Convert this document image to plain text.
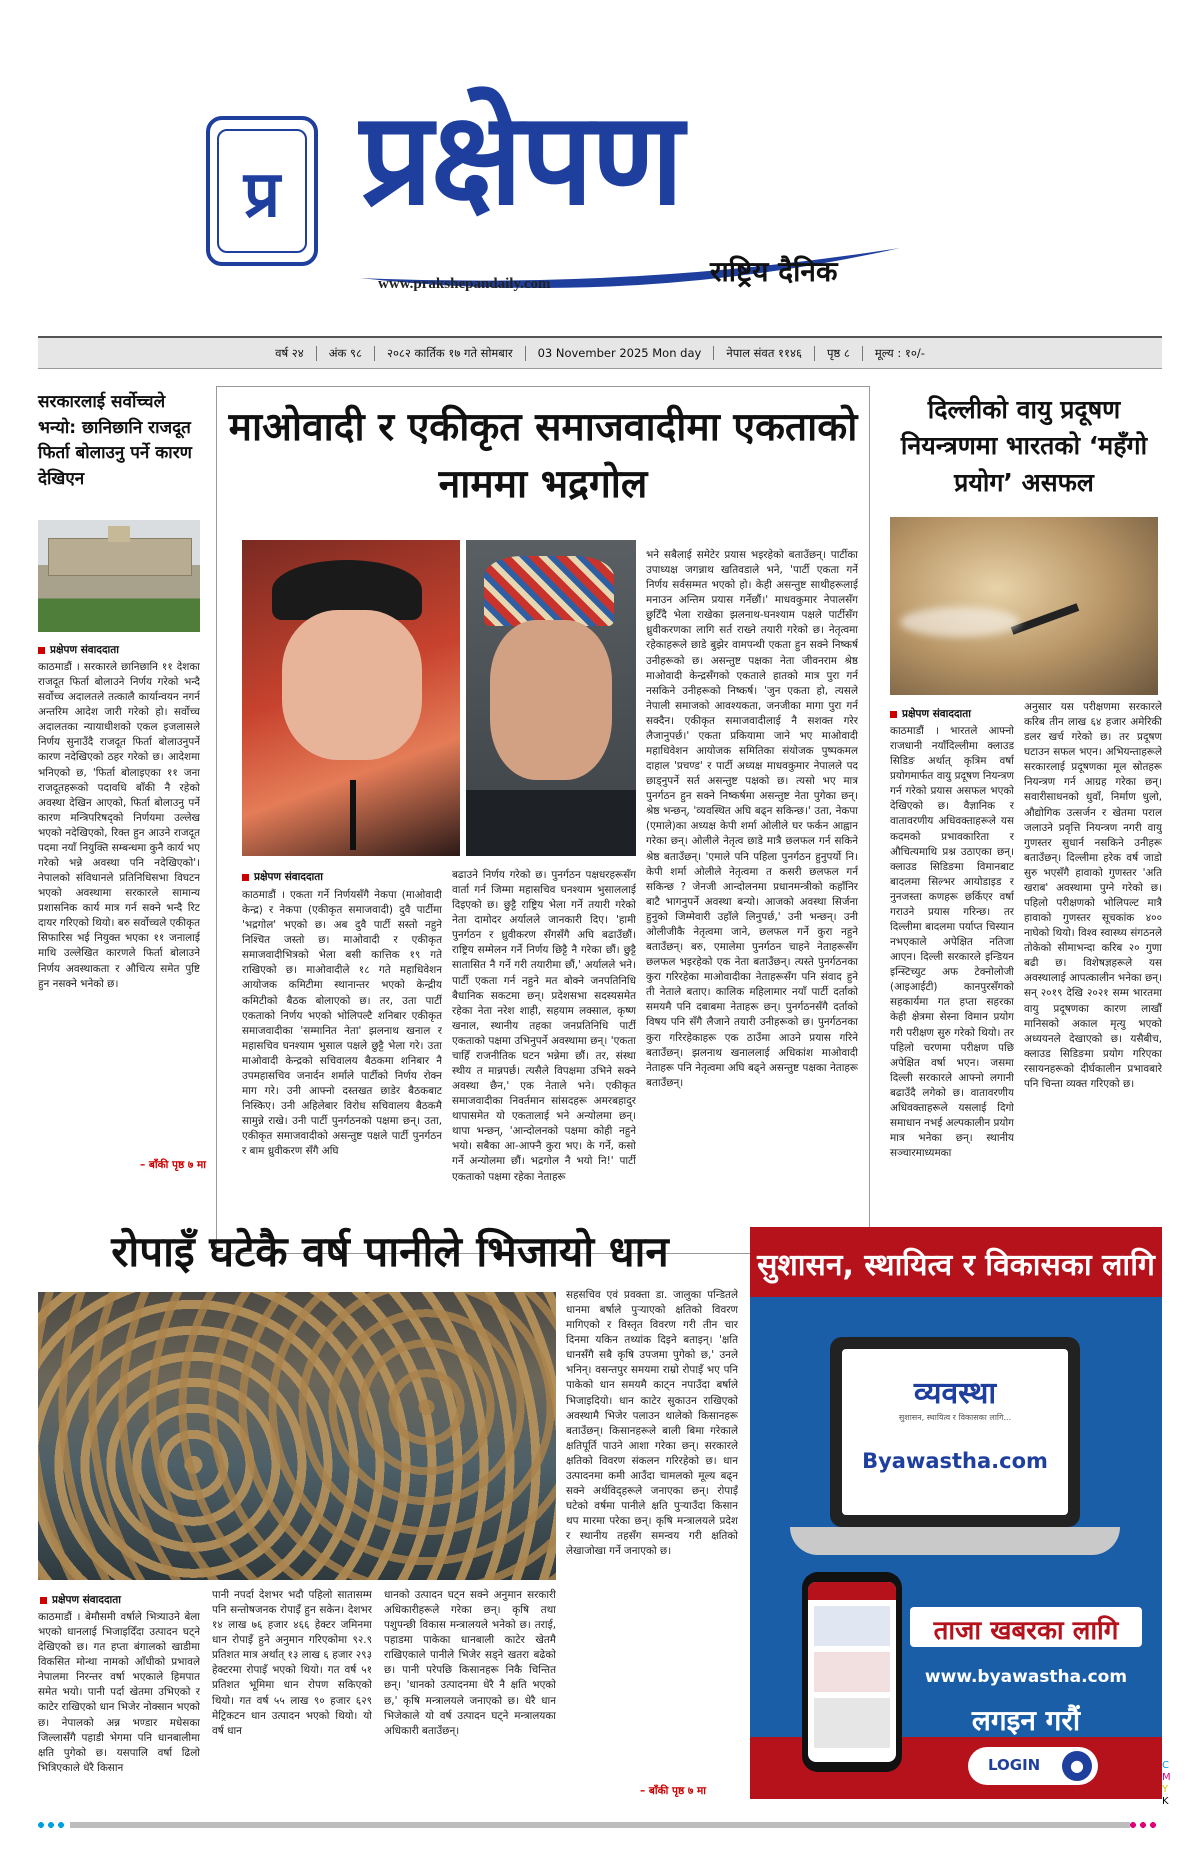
प्र प्रक्षेपण
राष्ट्रिय दैनिक
www.prakshepandaily.com
वर्ष २४	अंक ९८	२०८२ कार्तिक १७ गते सोमबार	03 November 2025 Mon day	नेपाल संवत ११४६	पृष्ठ ८	मूल्य : १०/-
सरकारलाई सर्वोच्चले भन्यो: छानिछानि राजदूत फिर्ता बोलाउनु पर्ने कारण देखिएन
प्रक्षेपण संवाददाता
काठमाडौं । सरकारले छानिछानि ११ देशका राजदूत फिर्ता बोलाउने निर्णय गरेको भन्दै सर्वोच्च अदालतले तत्कालै कार्यान्वयन नगर्न अन्तरिम आदेश जारी गरेको हो। सर्वोच्च अदालतका न्यायाधीशको एकल इजलासले निर्णय सुनाउँदै राजदूत फिर्ता बोलाउनुपर्ने कारण नदेखिएको ठहर गरेको छ। आदेशमा भनिएको छ, 'फिर्ता बोलाइएका ११ जना राजदूतहरूको पदावधि बाँकी नै रहेको अवस्था देखिन आएको, फिर्ता बोलाउनु पर्ने कारण मन्त्रिपरिषद्को निर्णयमा उल्लेख भएको नदेखिएको, रिक्त हुन आउने राजदूत पदमा नयाँ नियुक्ति सम्बन्धमा कुनै कार्य भए गरेको भन्ने अवस्था पनि नदेखिएको'। नेपालको संविधानले प्रतिनिधिसभा विघटन भएको अवस्थामा सरकारले सामान्य प्रशासनिक कार्य मात्र गर्न सक्ने भन्दै रिट दायर गरिएको थियो। बरु सर्वोच्चले एकीकृत सिफारिस भई नियुक्त भएका ११ जनालाई माथि उल्लेखित कारणले फिर्ता बोलाउने निर्णय अवस्थाकता र औचित्य समेत पुष्टि हुन नसक्ने भनेको छ।
– बाँकी पृष्ठ ७ मा
माओवादी र एकीकृत समाजवादीमा एकताको नाममा भद्रगोल
प्रक्षेपण संवाददाता
काठमाडौं । एकता गर्ने निर्णयसँगै नेकपा (माओवादी केन्द्र) र नेकपा (एकीकृत समाजवादी) दुवै पार्टीमा 'भद्रगोल' भएको छ। अब दुवै पार्टी सस्तो नहुने निश्चित जस्तो छ। माओवादी र एकीकृत समाजवादीभित्रको भेला बसी कात्तिक १९ गते राखिएको छ। माओवादीले १८ गते महाधिवेशन आयोजक कमिटीमा स्थानान्तर भएको केन्द्रीय कमिटीको बैठक बोलाएको छ। तर, उता पार्टी एकताको निर्णय भएको भोलिपल्टै शनिबार एकीकृत समाजवादीका 'सम्मानित नेता' झलनाथ खनाल र महासचिव घनश्याम भुसाल पक्षले छुट्टै भेला गरे। उता माओवादी केन्द्रको सचिवालय बैठकमा शनिबार नै उपमहासचिव जनार्दन शर्माले पार्टीको निर्णय रोक्न माग गरे। उनी आफ्नो दस्तखत छाडेर बैठकबाट निस्किए। उनी अहिलेबार विरोध सचिवालय बैठकमै सामुन्ने राखे। उनी पार्टी पुनर्गठनको पक्षमा छन्। उता, एकीकृत समाजवादीको असन्तुष्ट पक्षले पार्टी पुनर्गठन र बाम ध्रुवीकरण सँगै अघि
बढाउने निर्णय गरेको छ। पुनर्गठन पक्षधरहरूसँग वार्ता गर्न जिम्मा महासचिव घनश्याम भुसाललाई दिइएको छ। छुट्टै राष्ट्रिय भेला गर्ने तयारी गरेको नेता दामोदर अर्यालले जानकारी दिए। 'हामी पुनर्गठन र ध्रुवीकरण सँगसँगै अघि बढाउँछौं। राष्ट्रिय सम्मेलन गर्ने निर्णय छिट्टै नै गरेका छौं। छुट्टै सातासित नै गर्ने गरी तयारीमा छौं,' अर्यालले भने। पार्टी एकता गर्न नहुने मत बोक्ने जनपतिनिधि बैधानिक सकटमा छन्। प्रदेशसभा सदस्यसमेत रहेका नेता नरेश शाही, सहयाम लक्साल, कृष्ण खनाल, स्थानीय तहका जनप्रतिनिधि पार्टी एकताको पक्षमा उभिनुपर्ने अवस्थामा छन्। 'एकता चाहिँ राजनीतिक घटन भन्नेमा छौं। तर, संस्था स्थीय त मान्नपर्छ। त्यसैले विपक्षमा उभिने सक्ने अवस्था छैन,' एक नेताले भने। एकीकृत समाजवादीका निवर्तमान सांसदहरू अमरबहादुर थापासमेत यो एकतालाई भने अन्योलमा छन्। थापा भन्छन्, 'आन्दोलनको पक्षमा कोही नहुने भयो। सबैका आ-आफ्नै कुरा भए। के गर्ने, कसो गर्ने अन्योलमा छौं। भद्रगोल नै भयो नि!' पार्टी एकताको पक्षमा रहेका नेताहरू
भने सबैलाई समेटेर प्रयास भइरहेको बताउँछन्। पार्टीका उपाध्यक्ष जगन्नाथ खतिवडाले भने, 'पार्टी एकता गर्ने निर्णय सर्वसम्मत भएको हो। केही असन्तुष्ट साथीहरूलाई मनाउन अन्तिम प्रयास गर्नेछौं।' माधवकुमार नेपालसँग छुटिँदै भेला राखेका झलनाथ-घनश्याम पक्षले पार्टीसँग ध्रुवीकरणका लागि सर्त राख्ने तयारी गरेको छ। नेतृत्वमा रहेकाहरूले छाडे बुझेर वामपन्थी एकता हुन सक्ने निष्कर्ष उनीहरूको छ। असन्तुष्ट पक्षका नेता जीवनराम श्रेष्ठ माओवादी केन्द्रसँगको एकताले हातको मात्र पुरा गर्न नसकिने उनीहरूको निष्कर्ष। 'जुन एकता हो, त्यसले नेपाली समाजको आवश्यकता, जनजीका मागा पुरा गर्न सक्दैन। एकीकृत समाजवादीलाई नै सशक्त गरेर लैजानुपर्छ।' एकता प्रकियामा जाने भए माओवादी महाधिवेशन आयोजक समितिका संयोजक पुष्पकमल दाहाल 'प्रचण्ड' र पार्टी अध्यक्ष माधवकुमार नेपालले पद छाड्नुपर्ने सर्त असन्तुष्ट पक्षको छ। त्यसो भए मात्र पुनर्गठन हुन सक्ने निष्कर्षमा असन्तुष्ट नेता पुगेका छन्। श्रेष्ठ भन्छन्, 'व्यवस्थित अघि बढ्न सकिन्छ।' उता, नेकपा (एमाले)का अध्यक्ष केपी शर्मा ओलीले घर फर्कन आह्वान गरेका छन्। ओलीले नेतृत्व छाडे मात्रै छलफल गर्न सकिने श्रेष्ठ बताउँछन्। 'एमाले पनि पहिला पुनर्गठन हुनुपर्यो नि। केपी शर्मा ओलीले नेतृत्वमा त कसरी छलफल गर्न सकिन्छ ? जेनजी आन्दोलनमा प्रधानमन्त्रीको कहाँनिर बाटै भागनुपर्ने अवस्था बन्यो। आजको अवस्था सिर्जना हुनुको जिम्मेवारी उहाँले लिनुपर्छ,' उनी भन्छन्। उनी ओलीजीकै नेतृत्वमा जाने, छलफल गर्ने कुरा नहुने बताउँछन्। बरु, एमालेमा पुनर्गठन चाहने नेताहरूसँग छलफल भइरहेको एक नेता बताउँछन्। त्यस्ते पुनर्गठनका कुरा गरिरहेका माओवादीका नेताहरूसँग पनि संवाद हुने ती नेताले बताए। कालिक महिलामार नयाँ पार्टी दर्ताको समयमै पनि दबाबमा नेताहरू छन्। पुनर्गठनसँगै दर्ताको विषय पनि सँगै लैजाने तयारी उनीहरूको छ। पुनर्गठनका कुरा गरिरहेकाहरू एक ठाउँमा आउने प्रयास गरिने बताउँछन्। झलनाथ खनाललाई अधिकांश माओवादी नेताहरू पनि नेतृत्वमा अघि बढ्ने असन्तुष्ट पक्षका नेताहरू बताउँछन्।
दिल्लीको वायु प्रदूषण नियन्त्रणमा भारतको ‘महँगो प्रयोग’ असफल
प्रक्षेपण संवाददाता
काठमाडौं । भारतले आफ्नो राजधानी नयाँदिल्लीमा क्लाउड सिडिङ अर्थात् कृत्रिम वर्षा प्रयोगमार्फत वायु प्रदूषण नियन्त्रण गर्न गरेको प्रयास असफल भएको देखिएको छ। वैज्ञानिक र वातावरणीय अधिवक्ताहरूले यस कदमको प्रभावकारिता र औचित्यमाथि प्रश्न उठाएका छन्। क्लाउड सिडिङमा विमानबाट बादलमा सिल्भर आयोडाइड र नुनजस्ता कणहरू छर्किएर वर्षा गराउने प्रयास गरिन्छ। तर दिल्लीमा बादलमा पर्याप्त चिस्यान नभएकाले अपेक्षित नतिजा आएन। दिल्ली सरकारले इन्डियन इन्स्टिच्युट अफ टेक्नोलोजी (आइआईटी) कानपुरसँगको सहकार्यमा गत हप्ता सहरका केही क्षेत्रमा सेस्ना विमान प्रयोग गरी परीक्षण सुरु गरेको थियो। तर पहिलो चरणमा परीक्षण पछि अपेक्षित वर्षा भएन। जसमा दिल्ली सरकारले आफ्नो लगानी बढाउँदै लगेको छ। वातावरणीय अधिवक्ताहरूले यसलाई दिगो समाधान नभई अल्पकालीन प्रयोग मात्र भनेका छन्। स्थानीय सञ्चारमाध्यमका
अनुसार यस परीक्षणमा सरकारले करिब तीन लाख ६४ हजार अमेरिकी डलर खर्च गरेको छ। तर प्रदूषण घटाउन सफल भएन। अभियन्ताहरूले सरकारलाई प्रदूषणका मूल स्रोतहरू नियन्त्रण गर्न आग्रह गरेका छन्। सवारीसाधनको धुवाँ, निर्माण धुलो, औद्योगिक उत्सर्जन र खेतमा पराल जलाउने प्रवृत्ति नियन्त्रण नगरी वायु गुणस्तर सुधार्न नसकिने उनीहरू बताउँछन्। दिल्लीमा हरेक वर्ष जाडो सुरु भएसँगै हावाको गुणस्तर 'अति खराब' अवस्थामा पुग्ने गरेको छ। पहिलो परीक्षणको भोलिपल्ट मात्रै हावाको गुणस्तर सूचकांक ४०० नाघेको थियो। विश्व स्वास्थ्य संगठनले तोकेको सीमाभन्दा करिब २० गुणा बढी छ। विशेषज्ञहरूले यस अवस्थालाई आपत्कालीन भनेका छन्। सन् २०१९ देखि २०२१ सम्म भारतमा वायु प्रदूषणका कारण लाखौं मानिसको अकाल मृत्यु भएको अध्ययनले देखाएको छ। यसैबीच, क्लाउड सिडिङमा प्रयोग गरिएका रसायनहरूको दीर्घकालीन प्रभावबारे पनि चिन्ता व्यक्त गरिएको छ।
रोपाइँ घटेकै वर्ष पानीले भिजायो धान
प्रक्षेपण संवाददाता
काठमाडौं । बेमौसमी वर्षाले भित्र्याउने बेला भएको धानलाई भिजाइदिँदा उत्पादन घट्ने देखिएको छ। गत हप्ता बंगालको खाडीमा विकसित मोन्था नामको आँधीको प्रभावले नेपालमा निरन्तर वर्षा भएकाले हिमपात समेत भयो। पानी पर्दा खेतमा उभिएको र काटेर राखिएको धान भिजेर नोक्सान भएको छ। नेपालको अन्न भण्डार मधेसका जिल्लासँगै पहाडी भेगमा पनि धानबालीमा क्षति पुगेको छ। यसपालि वर्षा ढिलो भित्रिएकाले धेरै किसान
पानी नपर्दा देशभर भदौ पहिलो सातासम्म पनि सन्तोषजनक रोपाइँ हुन सकेन। देशभर १४ लाख ७६ हजार ४६६ हेक्टर जमिनमा धान रोपाइँ हुने अनुमान गरिएकोमा ९२.९ प्रतिशत मात्र अर्थात् १३ लाख ६ हजार २९३ हेक्टरमा रोपाइँ भएको थियो। गत वर्ष ५१ प्रतिशत भूमिमा धान रोपण सकिएको थियो। गत वर्ष ५५ लाख ९० हजार ६२९ मेट्रिकटन धान उत्पादन भएको थियो। यो वर्ष धान
धानको उत्पादन घट्न सक्ने अनुमान सरकारी अधिकारीहरूले गरेका छन्। कृषि तथा पशुपन्छी विकास मन्त्रालयले भनेको छ। तराई, पहाडमा पाकेका धानबाली काटेर खेतमै राखिएकाले पानीले भिजेर सड्ने खतरा बढेको छ। पानी परेपछि किसानहरू निकै चिन्तित छन्। 'धानको उत्पादनमा धेरै नै क्षति भएको छ,' कृषि मन्त्रालयले जनाएको छ। धेरै धान भिजेकाले यो वर्ष उत्पादन घट्ने मन्त्रालयका अधिकारी बताउँछन्।
सहसचिव एवं प्रवक्ता डा. जालुका पन्डितले धानमा बर्षाले पुऱ्याएको क्षतिको विवरण मागिएको र विस्तृत विवरण गरी तीन चार दिनमा यकिन तथ्यांक दिइने बताइन्। 'क्षति धानसँगै सबै कृषि उपजमा पुगेको छ,' उनले भनिन्। वसन्तपुर समयमा राम्रो रोपाइँ भए पनि पाकेको धान समयमै काट्न नपाउँदा बर्षाले भिजाइदियो। धान काटेर सुकाउन राखिएको अवस्थामै भिजेर पलाउन थालेको किसानहरू बताउँछन्। किसानहरूले बाली बिमा गरेकाले क्षतिपूर्ति पाउने आशा गरेका छन्। सरकारले क्षतिको विवरण संकलन गरिरहेको छ। धान उत्पादनमा कमी आउँदा चामलको मूल्य बढ्न सक्ने अर्थविद्हरूले जनाएका छन्। रोपाइँ घटेको वर्षमा पानीले क्षति पुऱ्याउँदा किसान थप मारमा परेका छन्। कृषि मन्त्रालयले प्रदेश र स्थानीय तहसँग समन्वय गरी क्षतिको लेखाजोखा गर्ने जनाएको छ।
– बाँकी पृष्ठ ७ मा
सुशासन, स्थायित्व र विकासका लागि
व्यवस्था
सुशासन, स्थायित्व र विकासका लागि...
Byawastha.com
ताजा खबरका लागि
www.byawastha.com
लगइन गरौं
LOGIN	●	C
M
Y
K
